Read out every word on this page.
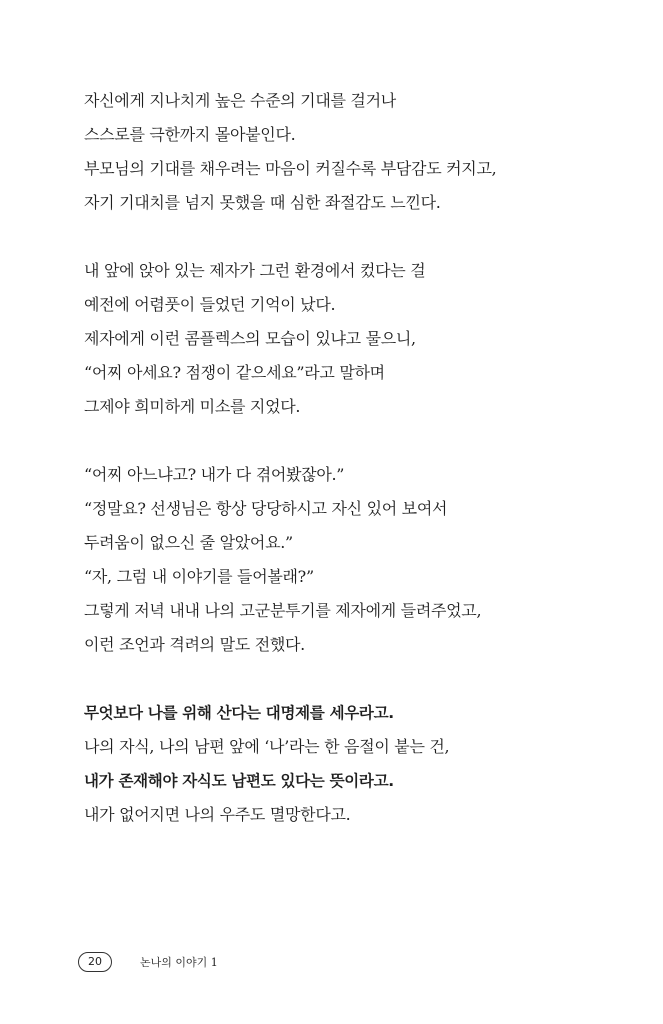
자신에게 지나치게 높은 수준의 기대를 걸거나
스스로를 극한까지 몰아붙인다.
부모님의 기대를 채우려는 마음이 커질수록 부담감도 커지고,
자기 기대치를 넘지 못했을 때 심한 좌절감도 느낀다.
내 앞에 앉아 있는 제자가 그런 환경에서 컸다는 걸
예전에 어렴풋이 들었던 기억이 났다.
제자에게 이런 콤플렉스의 모습이 있냐고 물으니,
“어찌 아세요? 점쟁이 같으세요”라고 말하며
그제야 희미하게 미소를 지었다.
“어찌 아느냐고? 내가 다 겪어봤잖아.”
“정말요? 선생님은 항상 당당하시고 자신 있어 보여서
두려움이 없으신 줄 알았어요.”
“자, 그럼 내 이야기를 들어볼래?”
그렇게 저녁 내내 나의 고군분투기를 제자에게 들려주었고,
이런 조언과 격려의 말도 전했다.
무엇보다 나를 위해 산다는 대명제를 세우라고.
나의 자식, 나의 남편 앞에 ‘나’라는 한 음절이 붙는 건,
내가 존재해야 자식도 남편도 있다는 뜻이라고.
내가 없어지면 나의 우주도 멸망한다고.
20	논나의 이야기 1
